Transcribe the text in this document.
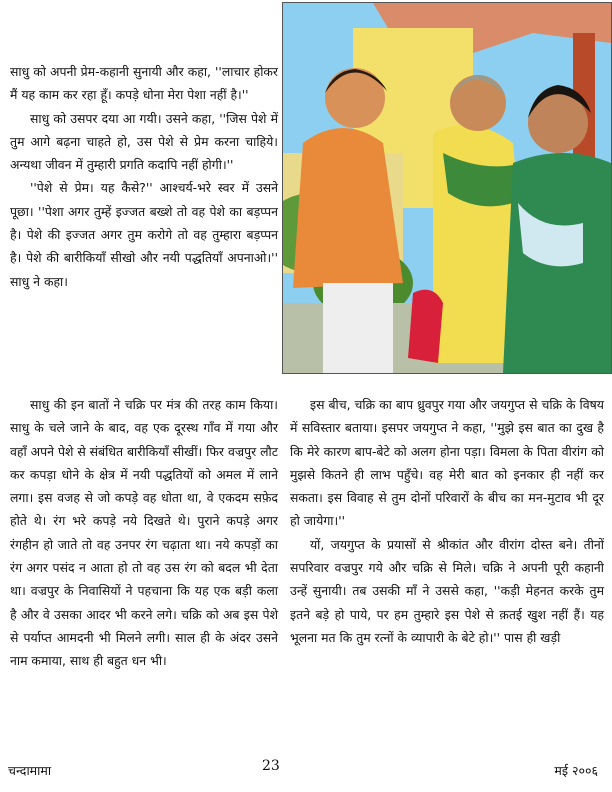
साधु को अपनी प्रेम-कहानी सुनायी और कहा, ''लाचार होकर मैं यह काम कर रहा हूँ। कपड़े धोना मेरा पेशा नहीं है।''

साधु को उसपर दया आ गयी। उसने कहा, ''जिस पेशे में तुम आगे बढ़ना चाहते हो, उस पेशे से प्रेम करना चाहिये। अन्यथा जीवन में तुम्हारी प्रगति कदापि नहीं होगी।''

''पेशे से प्रेम। यह कैसे?'' आश्चर्य-भरे स्वर में उसने पूछा। ''पेशा अगर तुम्हें इज्जत बख्शे तो वह पेशे का बड़प्पन है। पेशे की इज्जत अगर तुम करोगे तो वह तुम्हारा बड़प्पन है। पेशे की बारीकियाँ सीखो और नयी पद्धतियाँ अपनाओ।'' साधु ने कहा।

साधु की इन बातों ने चक्रि पर मंत्र की तरह काम किया। साधु के चले जाने के बाद, वह एक दूरस्थ गाँव में गया और वहाँ अपने पेशे से संबंधित बारीकियाँ सीखीं। फिर वज्रपुर लौट कर कपड़ा धोने के क्षेत्र में नयी पद्धतियों को अमल में लाने लगा। इस वजह से जो कपड़े वह धोता था, वे एकदम सफ़ेद होते थे। रंग भरे कपड़े नये दिखते थे। पुराने कपड़े अगर रंगहीन हो जाते तो वह उनपर रंग चढ़ाता था। नये कपड़ों का रंग अगर पसंद न आता हो तो वह उस रंग को बदल भी देता था। वज्रपुर के निवासियों ने पहचाना कि यह एक बड़ी कला है और वे उसका आदर भी करने लगे। चक्रि को अब इस पेशे से पर्याप्त आमदनी भी मिलने लगी। साल ही के अंदर उसने नाम कमाया, साथ ही बहुत धन भी।

इस बीच, चक्रि का बाप ध्रुवपुर गया और जयगुप्त से चक्रि के विषय में सविस्तार बताया। इसपर जयगुप्त ने कहा, ''मुझे इस बात का दुख है कि मेरे कारण बाप-बेटे को अलग होना पड़ा। विमला के पिता वीरांग को मुझसे कितने ही लाभ पहुँचे। वह मेरी बात को इनकार ही नहीं कर सकता। इस विवाह से तुम दोनों परिवारों के बीच का मन-मुटाव भी दूर हो जायेगा।''

यों, जयगुप्त के प्रयासों से श्रीकांत और वीरांग दोस्त बने। तीनों सपरिवार वज्रपुर गये और चक्रि से मिले। चक्रि ने अपनी पूरी कहानी उन्हें सुनायी। तब उसकी माँ ने उससे कहा, ''कड़ी मेहनत करके तुम इतने बड़े हो पाये, पर हम तुम्हारे इस पेशे से क़तई खुश नहीं हैं। यह भूलना मत कि तुम रत्नों के व्यापारी के बेटे हो।'' पास ही खड़ी

चन्दामामा	23	मई २००६
